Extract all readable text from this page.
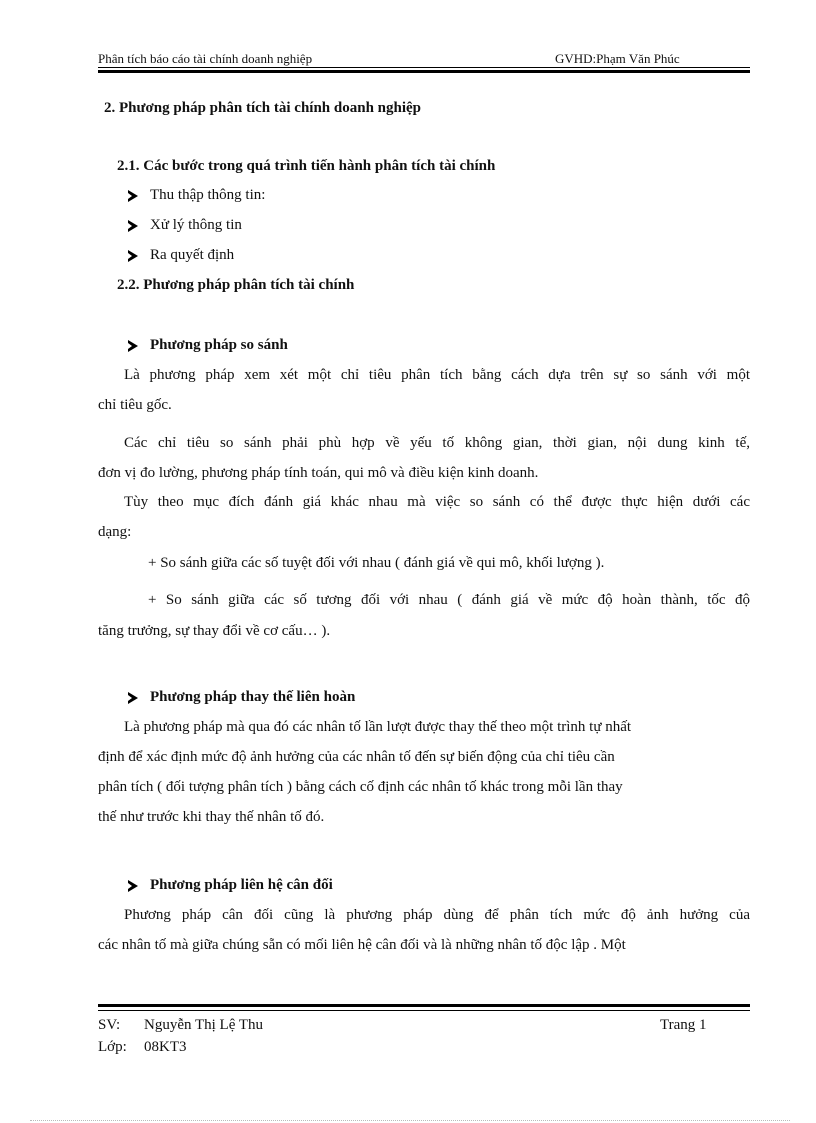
Phân tích báo cáo tài chính doanh nghiệp	GVHD:Phạm Văn Phúc
2. Phương pháp phân tích tài chính doanh nghiệp
2.1. Các bước trong quá trình tiến hành phân tích tài chính
Thu thập thông tin:
Xử lý thông tin
Ra quyết định
2.2. Phương pháp phân tích tài chính
Phương pháp so sánh
Là phương pháp xem xét một chỉ tiêu phân tích bằng cách dựa trên sự so sánh với một
chỉ tiêu gốc.
Các chỉ tiêu so sánh phải phù hợp về yếu tố không gian, thời gian, nội dung kinh tế,
đơn vị đo lường, phương pháp tính toán, qui mô và điều kiện kinh doanh.
Tùy theo mục đích đánh giá khác nhau mà việc so sánh có thể được thực hiện dưới các
dạng:
+ So sánh giữa các số tuyệt đối với nhau ( đánh giá về qui mô, khối lượng ).
+ So sánh giữa các số tương đối với nhau ( đánh giá về mức độ hoàn thành, tốc độ
tăng trưởng, sự thay đổi về cơ cấu… ).
Phương pháp thay thế liên hoàn
Là phương pháp mà qua đó các nhân tố lần lượt được thay thế theo một trình tự nhất
định để xác định mức độ ảnh hưởng của các nhân tố đến sự biến động của chỉ tiêu cần
phân tích ( đối tượng phân tích ) bằng cách cố định các nhân tố khác trong mỗi lần thay
thế như trước khi thay thế nhân tố đó.
Phương pháp liên hệ cân đối
Phương pháp cân đối cũng là phương pháp dùng để phân tích mức độ ảnh hưởng của
các nhân tố mà giữa chúng sẵn có mối liên hệ cân đối và là những nhân tố độc lập . Một
SV: Nguyễn Thị Lệ Thu	Trang 1
Lớp: 08KT3
